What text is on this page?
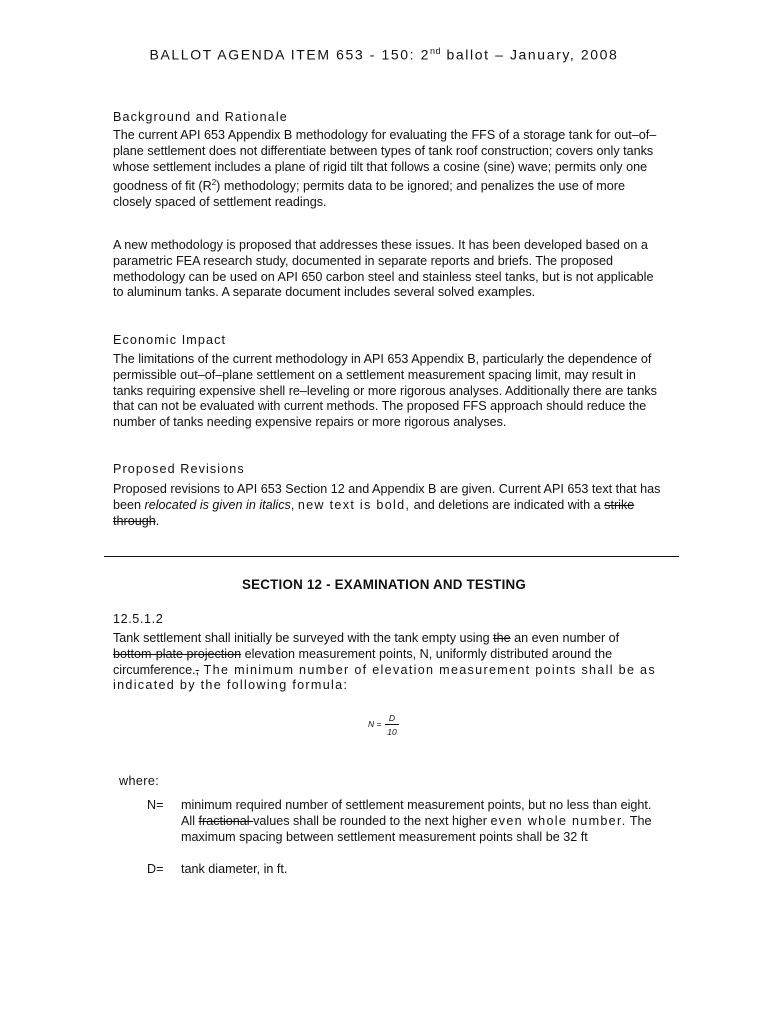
BALLOT AGENDA ITEM 653 - 150: 2nd ballot – January, 2008
Background and Rationale
The current API 653 Appendix B methodology for evaluating the FFS of a storage tank for out–of–plane settlement does not differentiate between types of tank roof construction; covers only tanks whose settlement includes a plane of rigid tilt that follows a cosine (sine) wave; permits only one goodness of fit $(R^2)$ methodology; permits data to be ignored; and penalizes the use of more closely spaced of settlement readings.
A new methodology is proposed that addresses these issues. It has been developed based on a parametric FEA research study, documented in separate reports and briefs. The proposed methodology can be used on API 650 carbon steel and stainless steel tanks, but is not applicable to aluminum tanks. A separate document includes several solved examples.
Economic Impact
The limitations of the current methodology in API 653 Appendix B, particularly the dependence of permissible out–of–plane settlement on a settlement measurement spacing limit, may result in tanks requiring expensive shell re–leveling or more rigorous analyses. Additionally there are tanks that can not be evaluated with current methods. The proposed FFS approach should reduce the number of tanks needing expensive repairs or more rigorous analyses.
Proposed Revisions
Proposed revisions to API 653 Section 12 and Appendix B are given. Current API 653 text that has been relocated is given in italics, new text is bold, and deletions are indicated with a strike through.
SECTION 12 - EXAMINATION AND TESTING
12.5.1.2
Tank settlement shall initially be surveyed with the tank empty using the an even number of bottom-plate projection elevation measurement points, N, uniformly distributed around the circumference., The minimum number of elevation measurement points shall be as indicated by the following formula:
N =
D
10
where:
N=	minimum required number of settlement measurement points, but no less than eight. All fractional values shall be rounded to the next higher even whole number. The maximum spacing between settlement measurement points shall be 32 ft
D=	tank diameter, in ft.
